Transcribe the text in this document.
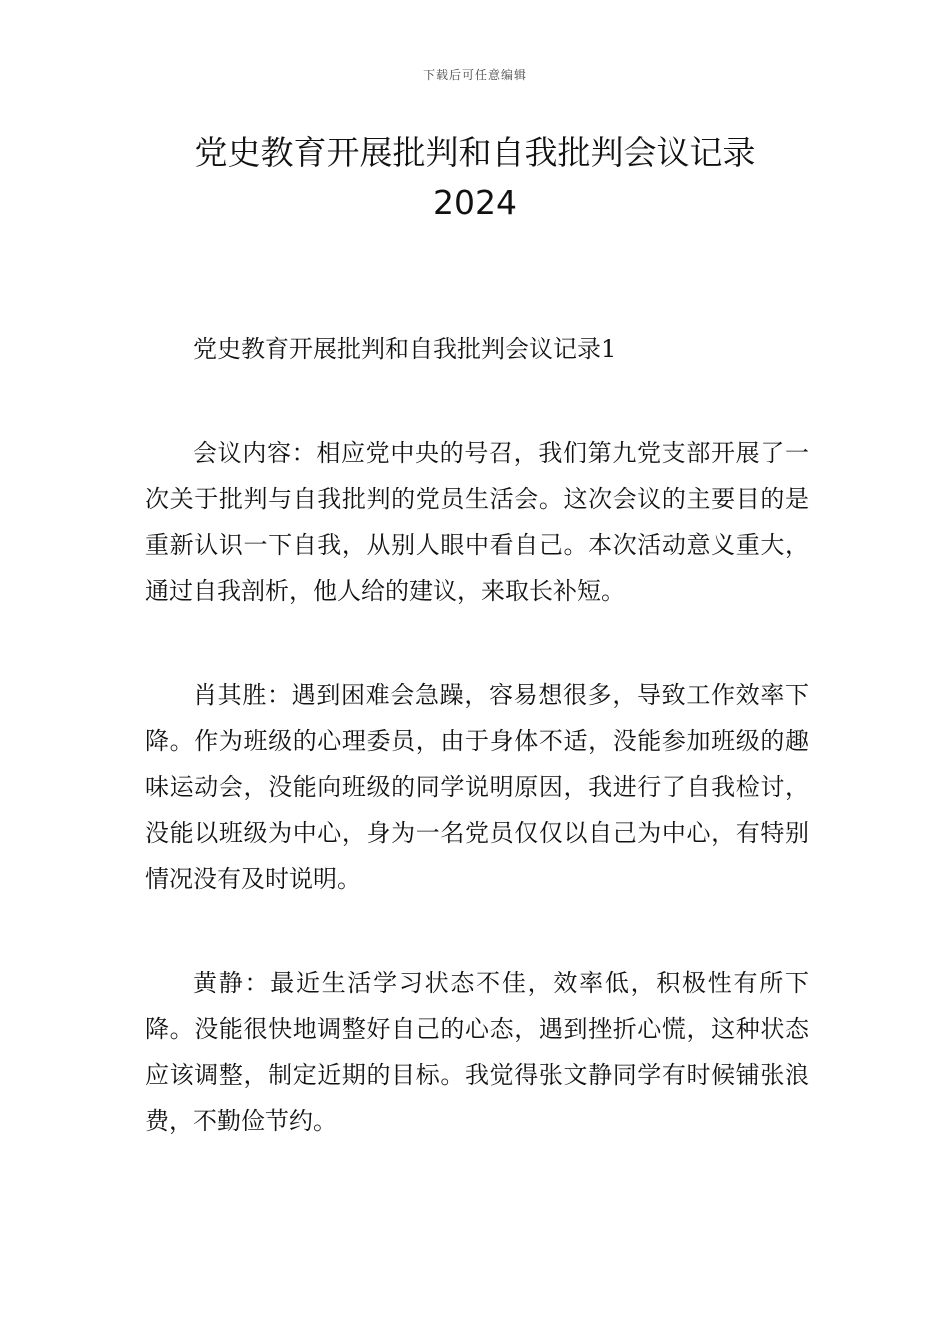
下载后可任意编辑
党史教育开展批判和自我批判会议记录
2024

党史教育开展批判和自我批判会议记录1

会议内容：相应党中央的号召，我们第九党支部开展了一次关于批判与自我批判的党员生活会。这次会议的主要目的是重新认识一下自我，从别人眼中看自己。本次活动意义重大，通过自我剖析，他人给的建议，来取长补短。

肖其胜：遇到困难会急躁，容易想很多，导致工作效率下降。作为班级的心理委员，由于身体不适，没能参加班级的趣味运动会，没能向班级的同学说明原因，我进行了自我检讨，没能以班级为中心，身为一名党员仅仅以自己为中心，有特别情况没有及时说明。

黄静：最近生活学习状态不佳，效率低，积极性有所下降。没能很快地调整好自己的心态，遇到挫折心慌，这种状态应该调整，制定近期的目标。我觉得张文静同学有时候铺张浪费，不勤俭节约。
